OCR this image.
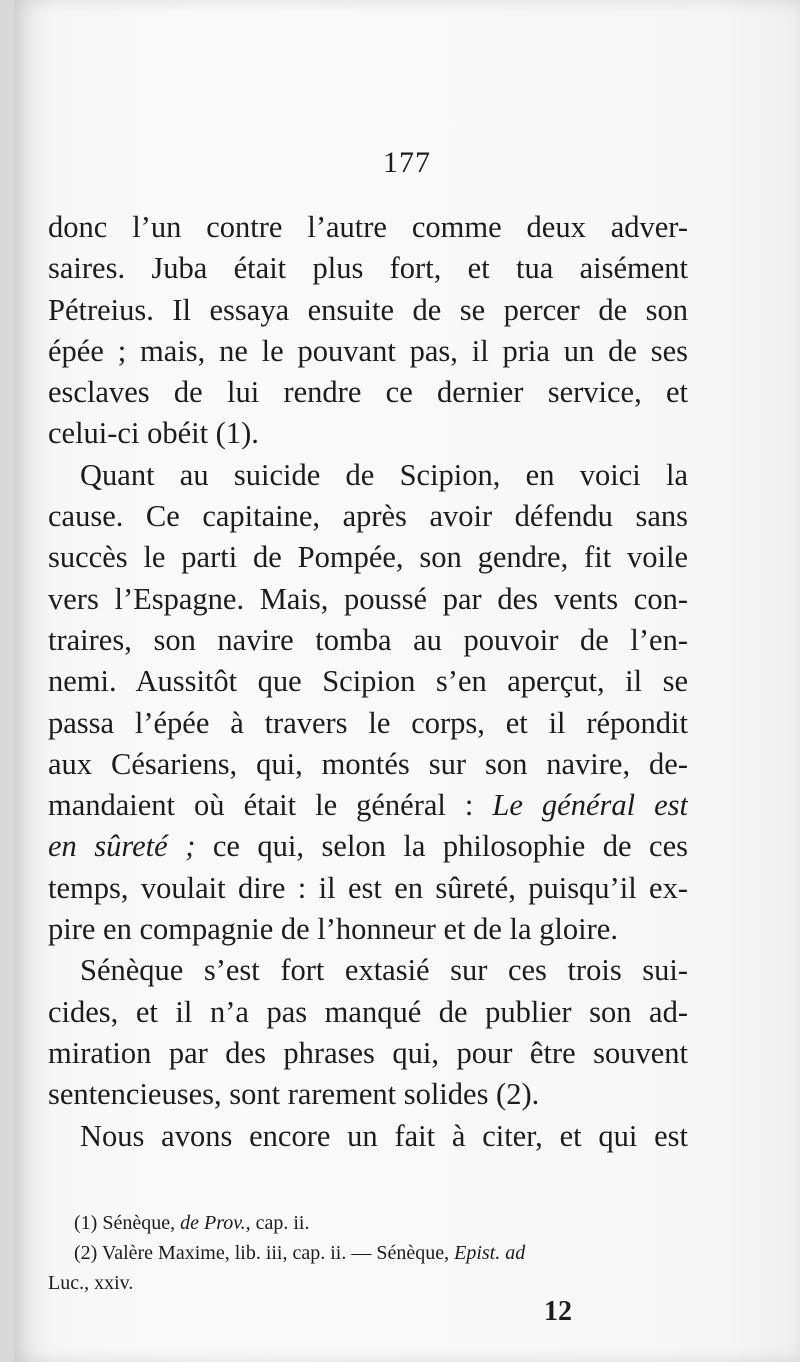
177
donc l’un contre l’autre comme deux adver-
saires. Juba était plus fort, et tua aisément
Pétreius. Il essaya ensuite de se percer de son
épée ; mais, ne le pouvant pas, il pria un de ses
esclaves de lui rendre ce dernier service, et
celui-ci obéit (1).
Quant au suicide de Scipion, en voici la
cause. Ce capitaine, après avoir défendu sans
succès le parti de Pompée, son gendre, fit voile
vers l’Espagne. Mais, poussé par des vents con-
traires, son navire tomba au pouvoir de l’en-
nemi. Aussitôt que Scipion s’en aperçut, il se
passa l’épée à travers le corps, et il répondit
aux Césariens, qui, montés sur son navire, de-
mandaient où était le général : Le général est
en sûreté ; ce qui, selon la philosophie de ces
temps, voulait dire : il est en sûreté, puisqu’il ex-
pire en compagnie de l’honneur et de la gloire.
Sénèque s’est fort extasié sur ces trois sui-
cides, et il n’a pas manqué de publier son ad-
miration par des phrases qui, pour être souvent
sentencieuses, sont rarement solides (2).
Nous avons encore un fait à citer, et qui est

(1) Sénèque, de Prov., cap. ii.

(2) Valère Maxime, lib. iii, cap. ii. — Sénèque, Epist. ad

Luc., xxiv.

12
